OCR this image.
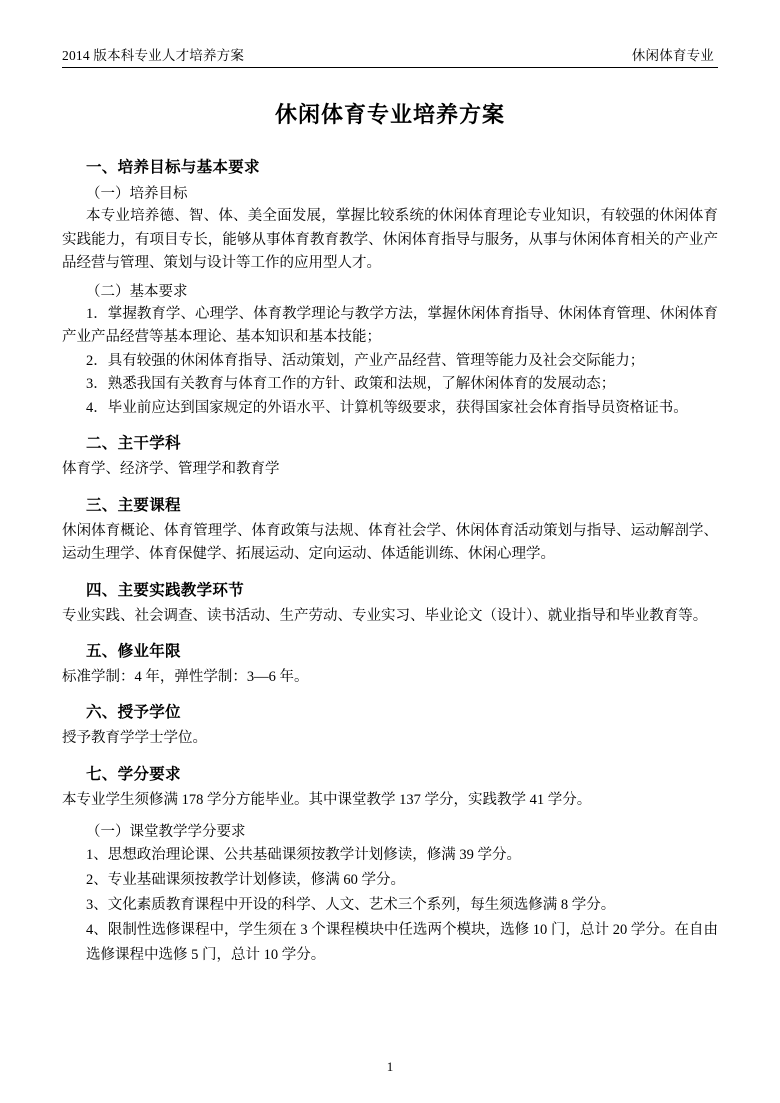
2014 版本科专业人才培养方案	休闲体育专业
休闲体育专业培养方案
一、培养目标与基本要求

（一）培养目标

本专业培养德、智、体、美全面发展，掌握比较系统的休闲体育理论专业知识，有较强的休闲体育实践能力，有项目专长，能够从事体育教育教学、休闲体育指导与服务，从事与休闲体育相关的产业产品经营与管理、策划与设计等工作的应用型人才。

（二）基本要求

1．掌握教育学、心理学、体育教学理论与教学方法，掌握休闲体育指导、休闲体育管理、休闲体育产业产品经营等基本理论、基本知识和基本技能；

2．具有较强的休闲体育指导、活动策划，产业产品经营、管理等能力及社会交际能力；

3．熟悉我国有关教育与体育工作的方针、政策和法规，了解休闲体育的发展动态；

4．毕业前应达到国家规定的外语水平、计算机等级要求，获得国家社会体育指导员资格证书。

二、主干学科

体育学、经济学、管理学和教育学

三、主要课程

休闲体育概论、体育管理学、体育政策与法规、体育社会学、休闲体育活动策划与指导、运动解剖学、运动生理学、体育保健学、拓展运动、定向运动、体适能训练、休闲心理学。

四、主要实践教学环节

专业实践、社会调查、读书活动、生产劳动、专业实习、毕业论文（设计）、就业指导和毕业教育等。

五、修业年限

标准学制：4 年，弹性学制：3—6 年。

六、授予学位

授予教育学学士学位。

七、学分要求

本专业学生须修满 178 学分方能毕业。其中课堂教学 137 学分，实践教学 41 学分。

（一）课堂教学学分要求

1、思想政治理论课、公共基础课须按教学计划修读，修满 39 学分。

2、专业基础课须按教学计划修读，修满 60 学分。

3、文化素质教育课程中开设的科学、人文、艺术三个系列，每生须选修满 8 学分。

4、限制性选修课程中，学生须在 3 个课程模块中任选两个模块，选修 10 门，总计 20 学分。在自由选修课程中选修 5 门，总计 10 学分。

1
